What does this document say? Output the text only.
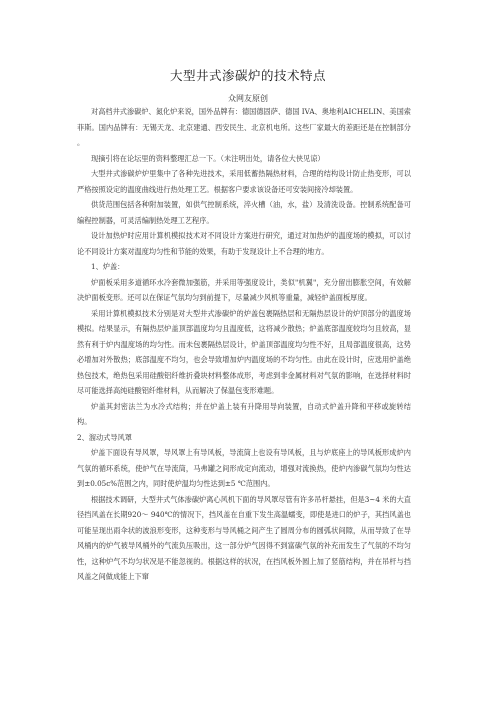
大型井式渗碳炉的技术特点
众网友原创

对高档井式渗碳炉、氮化炉来说，国外品牌有：德国德固萨、德国 IVA、奥地利AICHELIN、美国索菲斯。国内品牌有：无锡天龙、北京建通、西安民生、北京机电所。这些厂家最大的差距还是在控制部分 。

现摘引将在论坛里的资料整理汇总一下。（未注明出处，请各位大侠见谅）

大型井式渗碳炉炉里集中了各种先进技术，采用低蓄热隔热材料，合理的结构设计防止热变形，可以严格按照设定的温度曲线进行热处理工艺。根据客户要求该设备还可安装间接冷却装置。

供货范围包括各种附加装置，如供气控制系统，淬火槽（油，水，盐）及清洗设备。控制系统配备可编程控制器，可灵活编制热处理工艺程序。

设计加热炉时应用计算机模拟技术对不同设计方案进行研究，通过对加热炉的温度场的模拟，可以讨论不同设计方案对温度均匀性和节能的效果，有助于发现设计上不合理的地方。

1、炉盖：

炉面板采用多道循环水冷套微加强筋，并采用等强度设计，类似"机翼"，充分留出膨胀空间，有效解决炉面板变形。还可以在保证气氛均匀到前提下，尽量减少风机等重量，减轻炉盖面板厚度。

采用计算机模拟技术分别是对大型井式渗碳炉的炉盖包裹隔热层和无隔热层设计的炉顶部分的温度场模拟。结果显示，有隔热层炉盖顶部温度均匀且温度低，这将减少散热；炉盖底部温度较均匀且较高，显然有利于炉内温度场的均匀性。而未包裹隔热层设计，炉盖顶部温度均匀性不好，且局部温度很高，这势必增加对外散热；底部温度不均匀，也会导致增加炉内温度场的不均匀性。由此在设计时，应选用炉盖绝热包技术，绝热包采用硅酸铝纤维折叠块材料整体成形，考虑到非金属材料对气氛的影响，在选择材料时尽可能选择高纯硅酸铝纤维材料，从而解决了保温包变形难题。

炉盖其封密法兰为水冷式结构；并在炉盖上装有升降用导向装置，自动式炉盖升降和平移或旋转结构。

2、溜动式导风罩

炉盖下面设有导风罩，导风罩上有导风板，导流筒上也设有导风板，且与炉底座上的导风板形成炉内气氛的循环系统，使炉气在导流筒，马弗罐之间形成定向流动，增强对流换热，使炉内渗碳气氛均匀性达到±0.05c%范围之内，同时使炉温均匀性达到±5 ℃范围内。

根据技术调研，大型井式气体渗碳炉离心风机下面的导风罩尽管有许多吊杆悬挂，但是3~4 米的大直径挡风盖在长期920～ 940℃的情况下，挡风盖在自重下发生高温蠕变，即使是进口的炉子，其挡风盖也可能呈现出雨伞状的波浪形变形，这种变形与导风桶之间产生了圆周分布的圆弧状间隙，从而导致了在导风桶内的炉气被导风桶外的气流负压吸出，这一部分炉气因得不到富碳气氛的补充而发生了气氛的不均匀性，这种炉气不均匀状况是不能忽视的。根据这样的状况，在挡风板外圆上加了竖筋结构，并在吊杆与挡风盖之间做成能上下窜
